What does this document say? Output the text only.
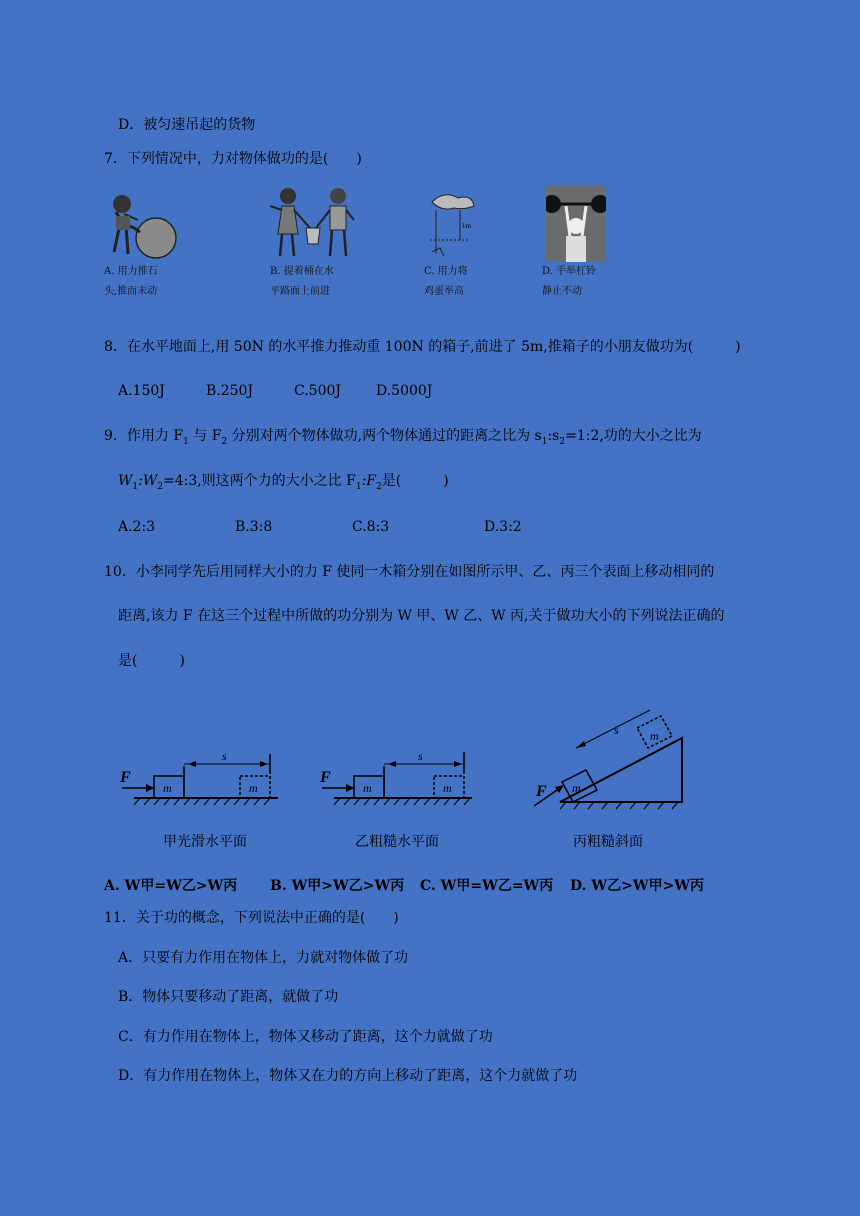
D．被匀速吊起的货物
7．下列情况中，力对物体做功的是(　　)
A. 用力推石
头,推而未动
B. 提着桶在水
平路面上前进
1m
C. 用力将
鸡蛋举高
D. 手举杠铃
静止不动
8．在水平地面上,用 50N 的水平推力推动重 100N 的箱子,前进了 5m,推箱子的小朋友做功为(　　　)
A.150J	B.250J	C.500J	D.5000J
9．作用力 $F_1$ 与 $F_2$ 分别对两个物体做功,两个物体通过的距离之比为 $s_1:s_2=1:2$,功的大小之比为
$W_1:W_2=4:3$,则这两个力的大小之比 $F_1:F_2$是(　　　)
A.2:3	B.3:8	C.8:3	D.3:2
10．小李同学先后用同样大小的力 F 使同一木箱分别在如图所示甲、乙、丙三个表面上移动相同的
距离,该力 F 在这三个过程中所做的功分别为 W 甲、W 乙、W 丙,关于做功大小的下列说法正确的
是(　　　)
F
m	m
s
甲光滑水平面
F
m	m
s
乙粗糙水平面
m
m
s
F
丙粗糙斜面
A. W甲=W乙>W丙 B. W甲>W乙>W丙 C. W甲=W乙=W丙 D. W乙>W甲>W丙
11．关于功的概念，下列说法中正确的是(　　)
A．只要有力作用在物体上，力就对物体做了功
B．物体只要移动了距离，就做了功
C．有力作用在物体上，物体又移动了距离，这个力就做了功
D．有力作用在物体上，物体又在力的方向上移动了距离，这个力就做了功
